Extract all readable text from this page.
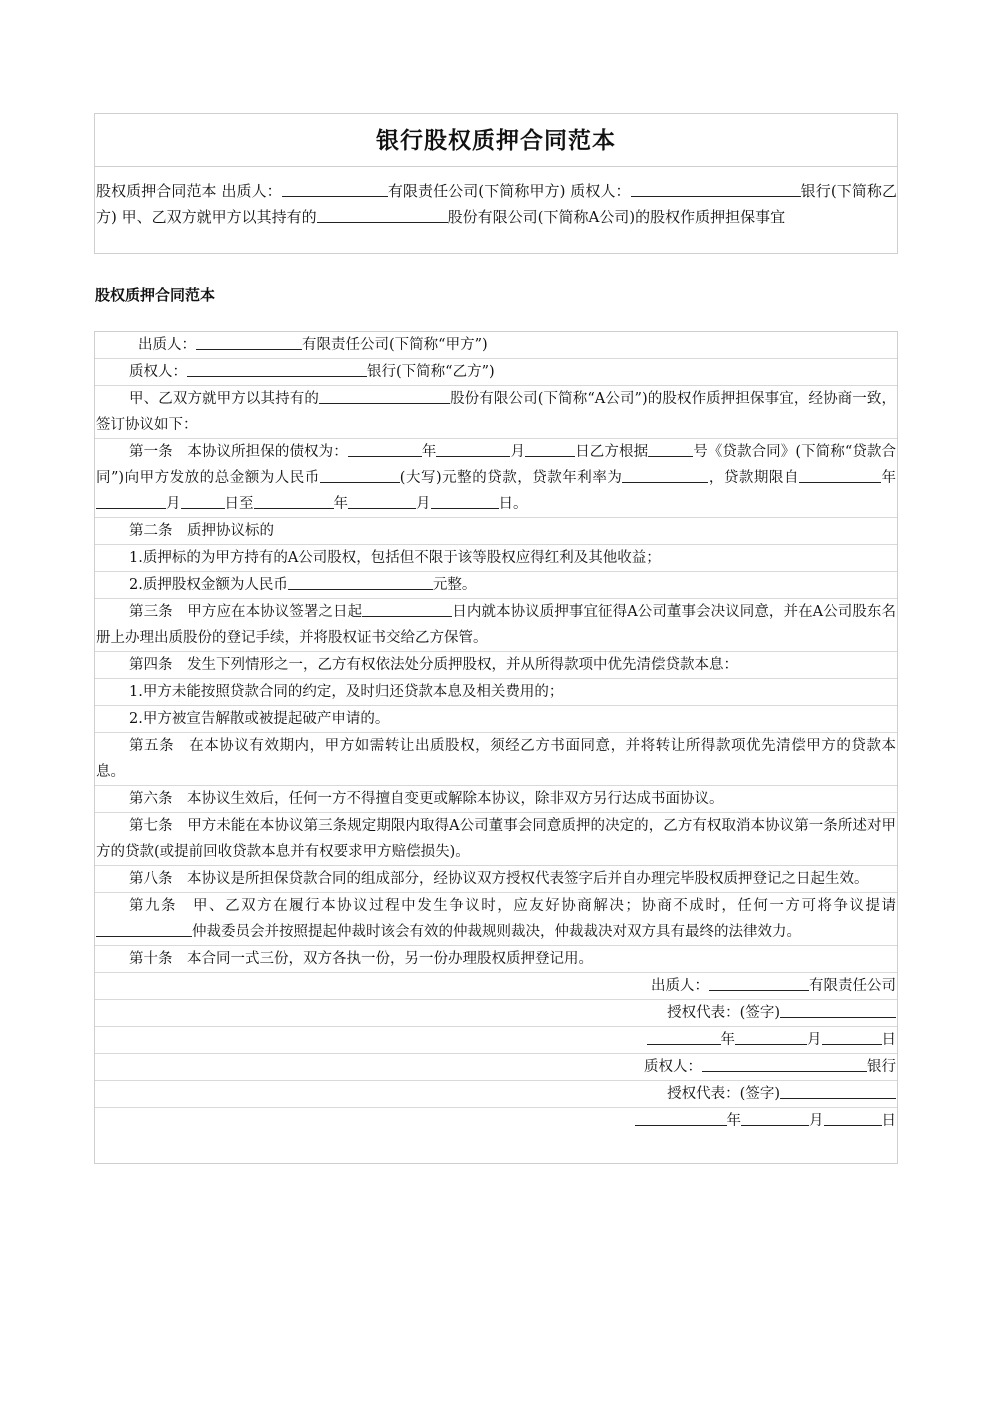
银行股权质押合同范本
股权质押合同范本 出质人：	有限责任公司(下简称甲方) 质权人：	银行(下简称乙方) 甲、乙双方就甲方以其持有的	股份有限公司(下简称A公司)的股权作质押担保事宜
股权质押合同范本
出质人：	有限责任公司(下简称“甲方”)
质权人：	银行(下简称“乙方”)
甲、乙双方就甲方以其持有的	股份有限公司(下简称“A公司”)的股权作质押担保事宜，经协商一致，签订协议如下：
第一条　本协议所担保的债权为：	年	月	日乙方根据	号《贷款合同》(下简称“贷款合同”)向甲方发放的总金额为人民币	(大写)元整的贷款，贷款年利率为	，贷款期限自	年月	日至	年	月	日。
第二条　质押协议标的
1.质押标的为甲方持有的A公司股权，包括但不限于该等股权应得红利及其他收益；
2.质押股权金额为人民币	元整。
第三条　甲方应在本协议签署之日起	日内就本协议质押事宜征得A公司董事会决议同意，并在A公司股东名册上办理出质股份的登记手续，并将股权证书交给乙方保管。
第四条　发生下列情形之一，乙方有权依法处分质押股权，并从所得款项中优先清偿贷款本息：
1.甲方未能按照贷款合同的约定，及时归还贷款本息及相关费用的；
2.甲方被宣告解散或被提起破产申请的。
第五条　在本协议有效期内，甲方如需转让出质股权，须经乙方书面同意，并将转让所得款项优先清偿甲方的贷款本息。
第六条　本协议生效后，任何一方不得擅自变更或解除本协议，除非双方另行达成书面协议。
第七条　甲方未能在本协议第三条规定期限内取得A公司董事会同意质押的决定的，乙方有权取消本协议第一条所述对甲方的贷款(或提前回收贷款本息并有权要求甲方赔偿损失)。
第八条　本协议是所担保贷款合同的组成部分，经协议双方授权代表签字后并自办理完毕股权质押登记之日起生效。
第九条　甲、乙双方在履行本协议过程中发生争议时，应友好协商解决；协商不成时，任何一方可将争议提请仲裁委员会并按照提起仲裁时该会有效的仲裁规则裁决，仲裁裁决对双方具有最终的法律效力。
第十条　本合同一式三份，双方各执一份，另一份办理股权质押登记用。
出质人：	有限责任公司
授权代表：(签字)
年	月	日
质权人：	银行
授权代表：(签字)
年	月	日
